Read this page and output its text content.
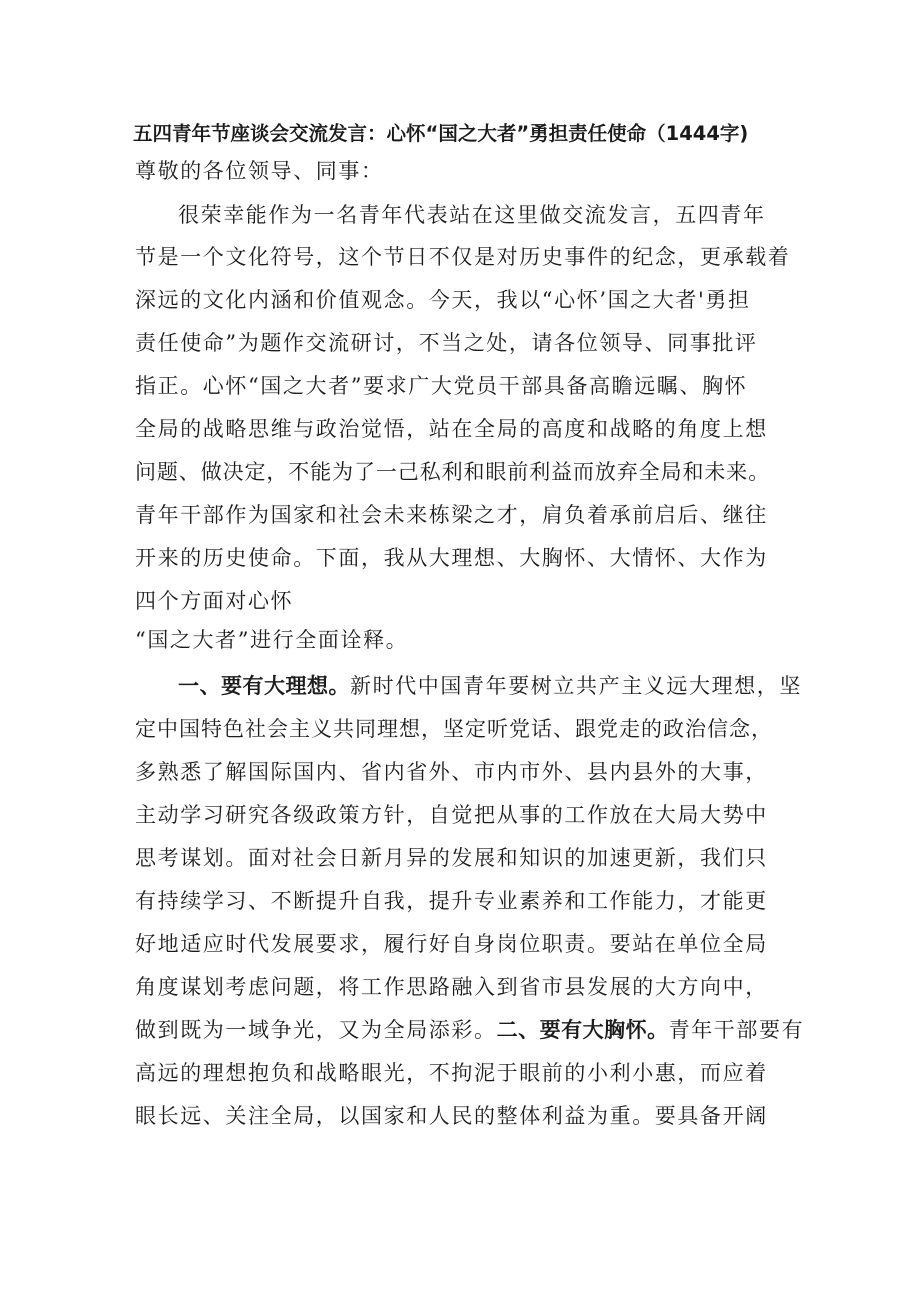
五四青年节座谈会交流发言：心怀“国之大者”勇担责任使命（1444字)
尊敬的各位领导、同事：
很荣幸能作为一名青年代表站在这里做交流发言，五四青年
节是一个文化符号，这个节日不仅是对历史事件的纪念，更承载着
深远的文化内涵和价值观念。今天，我以“心怀’国之大者'勇担
责任使命”为题作交流研讨，不当之处，请各位领导、同事批评
指正。心怀“国之大者”要求广大党员干部具备高瞻远瞩、胸怀
全局的战略思维与政治觉悟，站在全局的高度和战略的角度上想
问题、做决定，不能为了一己私利和眼前利益而放弃全局和未来。
青年干部作为国家和社会未来栋梁之才，肩负着承前启后、继往
开来的历史使命。下面，我从大理想、大胸怀、大情怀、大作为
四个方面对心怀
“国之大者”进行全面诠释。
一、要有大理想。新时代中国青年要树立共产主义远大理想，坚
定中国特色社会主义共同理想，坚定听党话、跟党走的政治信念，
多熟悉了解国际国内、省内省外、市内市外、县内县外的大事，
主动学习研究各级政策方针，自觉把从事的工作放在大局大势中
思考谋划。面对社会日新月异的发展和知识的加速更新，我们只
有持续学习、不断提升自我，提升专业素养和工作能力，才能更
好地适应时代发展要求，履行好自身岗位职责。要站在单位全局
角度谋划考虑问题，将工作思路融入到省市县发展的大方向中，
做到既为一域争光，又为全局添彩。二、要有大胸怀。青年干部要有
高远的理想抱负和战略眼光，不拘泥于眼前的小利小惠，而应着
眼长远、关注全局，以国家和人民的整体利益为重。要具备开阔
